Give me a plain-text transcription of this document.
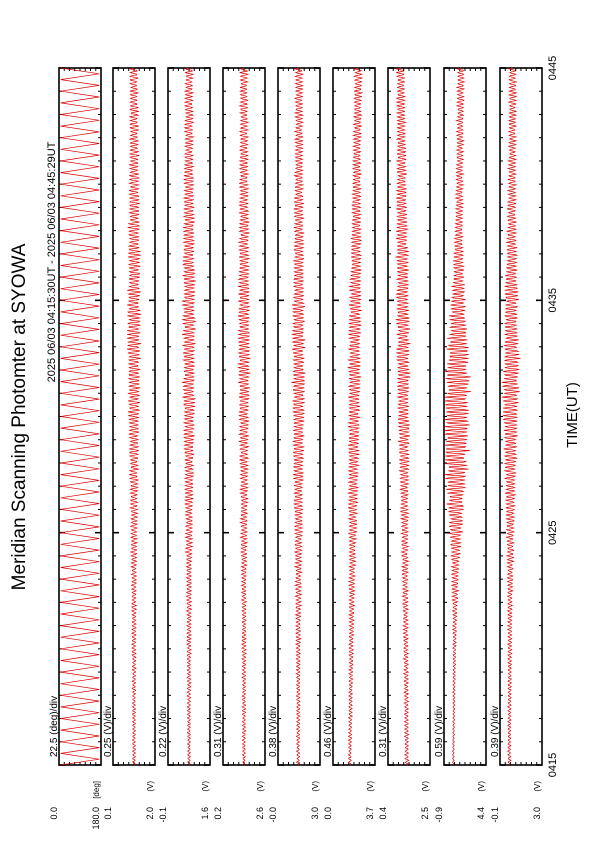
Meridian Scanning Photomter at SYOWA 2025 06/03 04:15:30UT - 2025 06/03 04:45:29UT
TIME(UT)
22.5 (deg)/div
0.0	180.0
[deg]
0.25 (V)/div
0.1	2.0
(V)
0.22 (V)/div
-0.1	1.6
(V)
0.31 (V)/div
0.2	2.6
(V)
0.38 (V)/div
-0.0	3.0
(V)
0.46 (V)/div
0.0	3.7
(V)
0.31 (V)/div
0.4	2.5
(V)
0.59 (V)/div
-0.9	4.4
(V)
0.39 (V)/div
-0.1	3.0
(V)
0415
0425
0435
0445
